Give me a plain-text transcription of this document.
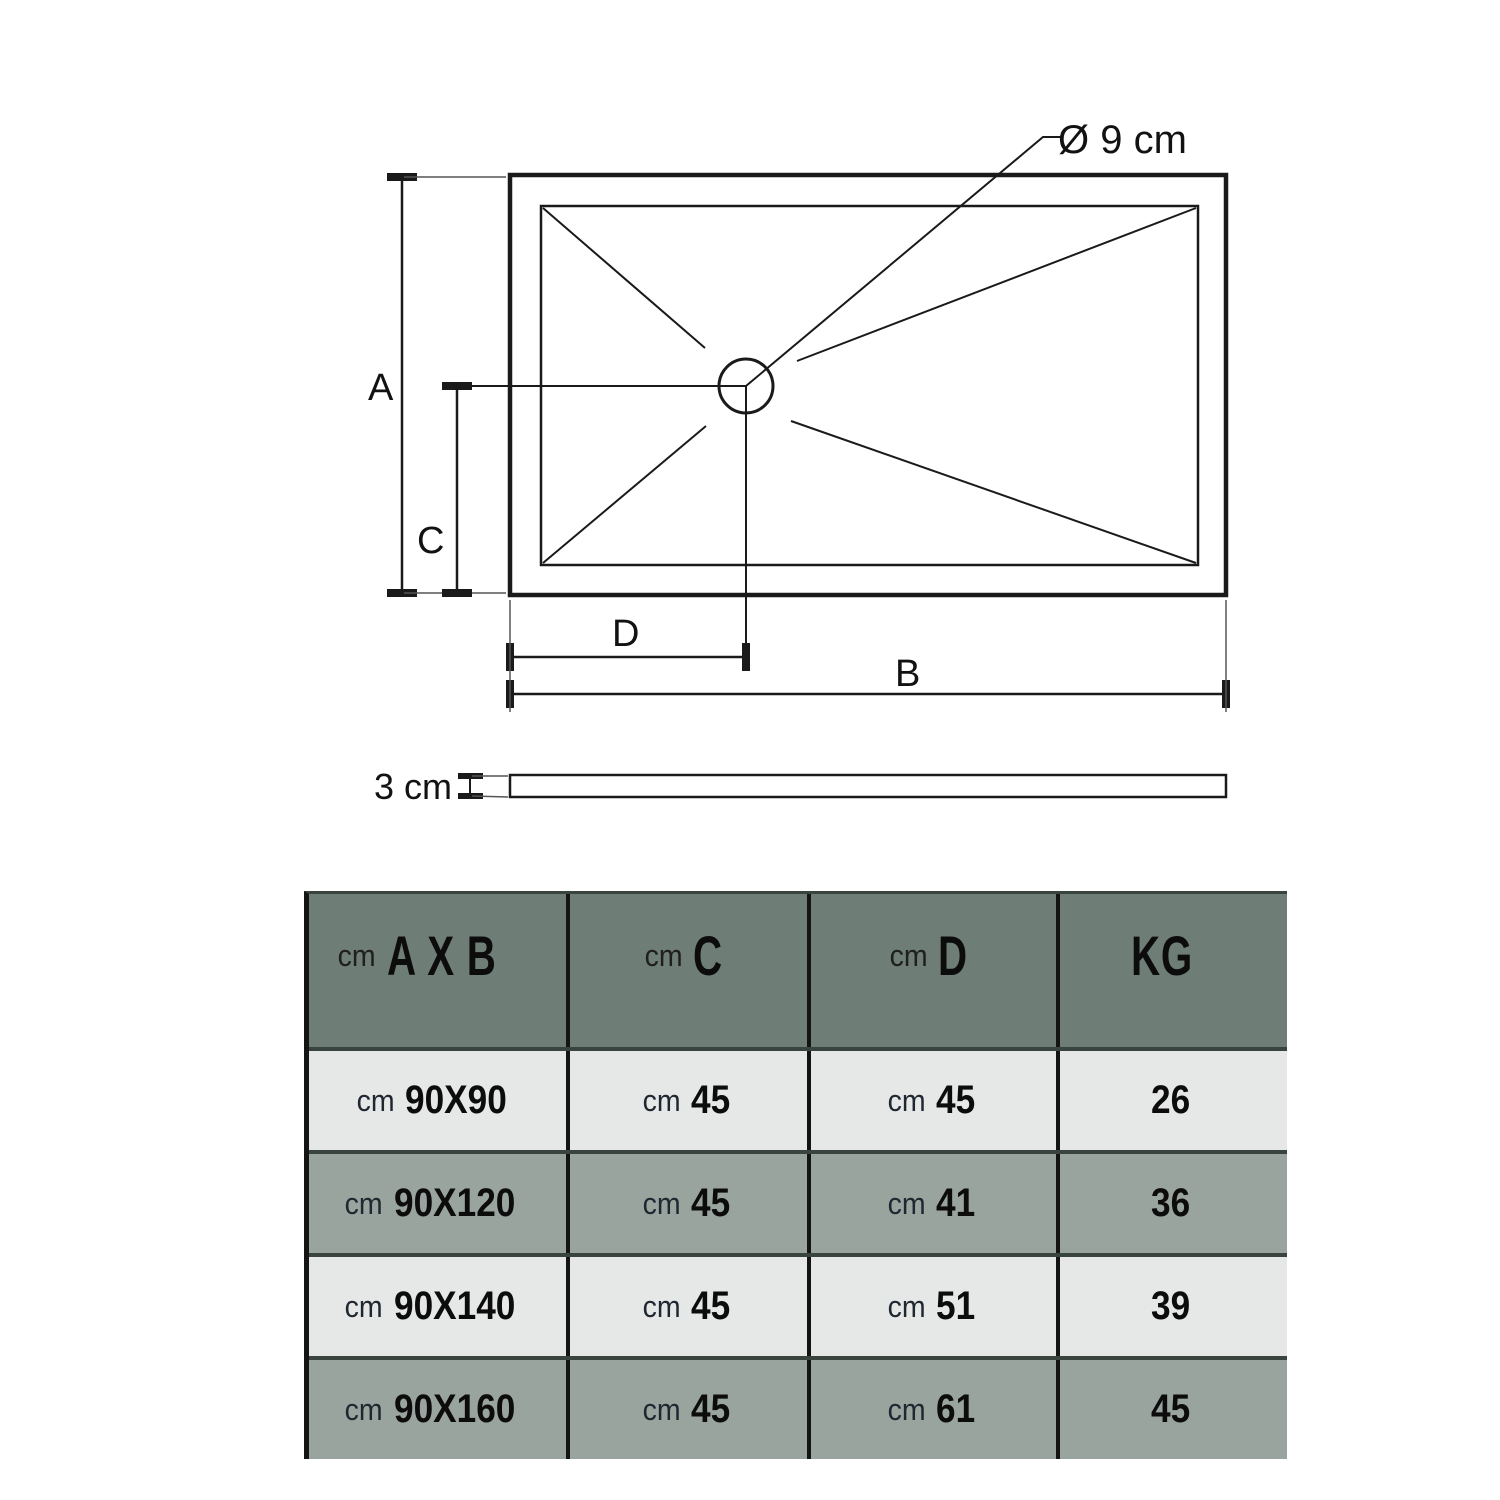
A
C
D
B
Ø 9 cm
3 cm
cm A X B	cm C	cm D	KG
cm 90X90	cm 45	cm 45	26
cm 90X120	cm 45	cm 41	36
cm 90X140	cm 45	cm 51	39
cm 90X160	cm 45	cm 61	45
